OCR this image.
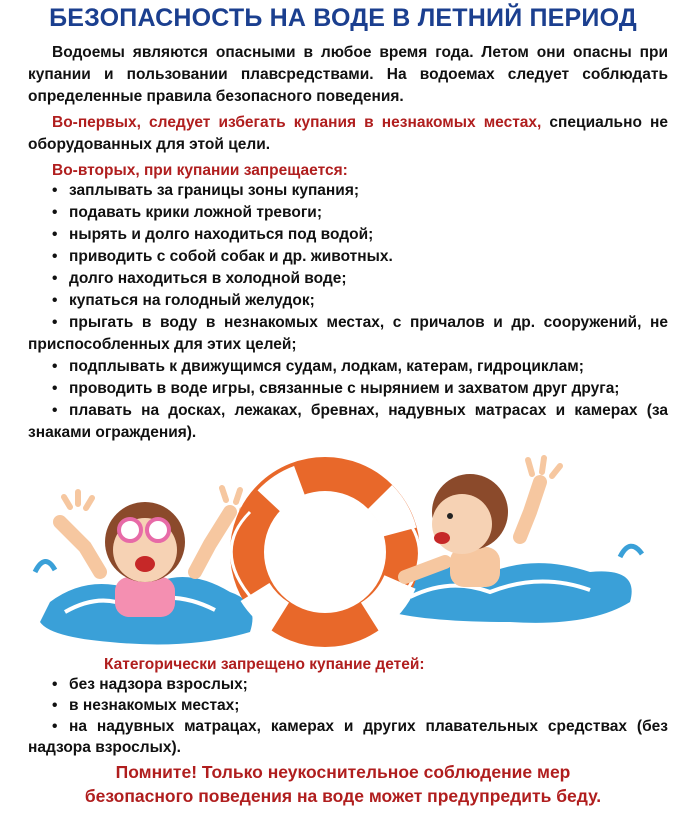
БЕЗОПАСНОСТЬ НА ВОДЕ В ЛЕТНИЙ ПЕРИОД
Водоемы являются опасными в любое время года. Летом они опасны при купании и пользовании плавсредствами. На водоемах следует соблюдать определенные правила безопасного поведения.
Во-первых, следует избегать купания в незнакомых местах, специально не оборудованных для этой цели.
Во-вторых, при купании запрещается:
• заплывать за границы зоны купания;
• подавать крики ложной тревоги;
• нырять и долго находиться под водой;
• приводить с собой собак и др. животных.
• долго находиться в холодной воде;
• купаться на голодный желудок;
• прыгать в воду в незнакомых местах, с причалов и др. сооружений, не приспособленных для этих целей;
• подплывать к движущимся судам, лодкам, катерам, гидроциклам;
• проводить в воде игры, связанные с нырянием и захватом друг друга;
• плавать на досках, лежаках, бревнах, надувных матрасах и камерах (за знаками ограждения).
Категорически запрещено купание детей:
• без надзора взрослых;
• в незнакомых местах;
• на надувных матрацах, камерах и других плавательных средствах (без надзора взрослых).
Помните! Только неукоснительное соблюдение мер
безопасного поведения на воде может предупредить беду.
